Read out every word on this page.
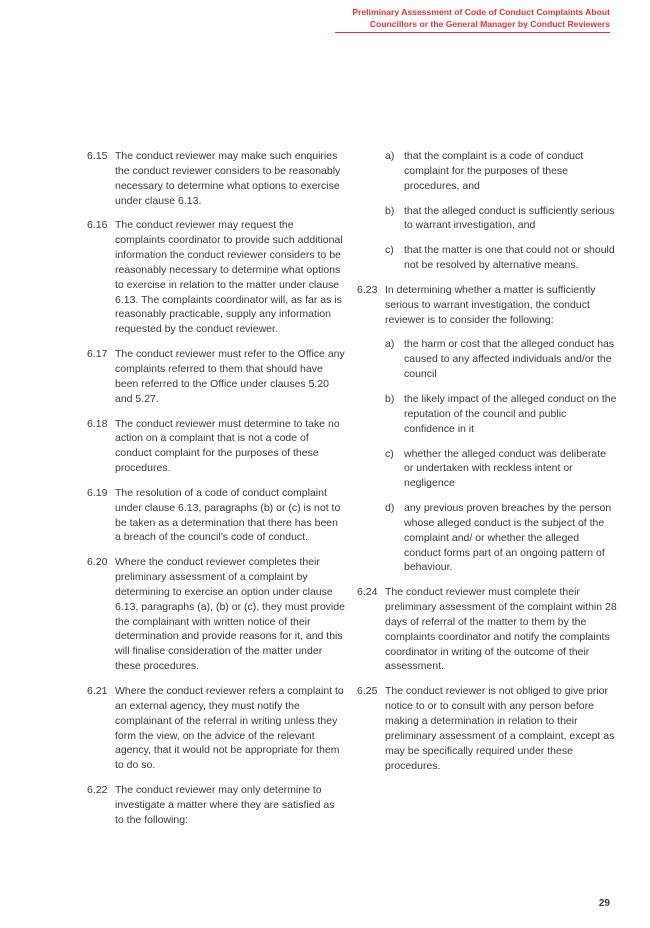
Preliminary Assessment of Code of Conduct Complaints About
Councillors or the General Manager by Conduct Reviewers
6.15 The conduct reviewer may make such enquiries the conduct reviewer considers to be reasonably necessary to determine what options to exercise under clause 6.13.
6.16 The conduct reviewer may request the complaints coordinator to provide such additional information the conduct reviewer considers to be reasonably necessary to determine what options to exercise in relation to the matter under clause 6.13. The complaints coordinator will, as far as is reasonably practicable, supply any information requested by the conduct reviewer.
6.17 The conduct reviewer must refer to the Office any complaints referred to them that should have been referred to the Office under clauses 5.20 and 5.27.
6.18 The conduct reviewer must determine to take no action on a complaint that is not a code of conduct complaint for the purposes of these procedures.
6.19 The resolution of a code of conduct complaint under clause 6.13, paragraphs (b) or (c) is not to be taken as a determination that there has been a breach of the council’s code of conduct.
6.20 Where the conduct reviewer completes their preliminary assessment of a complaint by determining to exercise an option under clause 6.13, paragraphs (a), (b) or (c), they must provide the complainant with written notice of their determination and provide reasons for it, and this will finalise consideration of the matter under these procedures.
6.21 Where the conduct reviewer refers a complaint to an external agency, they must notify the complainant of the referral in writing unless they form the view, on the advice of the relevant agency, that it would not be appropriate for them to do so.
6.22 The conduct reviewer may only determine to investigate a matter where they are satisfied as to the following:
a) that the complaint is a code of conduct complaint for the purposes of these procedures, and
b) that the alleged conduct is sufficiently serious to warrant investigation, and
c) that the matter is one that could not or should not be resolved by alternative means.
6.23 In determining whether a matter is sufficiently serious to warrant investigation, the conduct reviewer is to consider the following:
a) the harm or cost that the alleged conduct has caused to any affected individuals and/or the council
b) the likely impact of the alleged conduct on the reputation of the council and public confidence in it
c) whether the alleged conduct was deliberate or undertaken with reckless intent or negligence
d) any previous proven breaches by the person whose alleged conduct is the subject of the complaint and/ or whether the alleged conduct forms part of an ongoing pattern of behaviour.
6.24 The conduct reviewer must complete their preliminary assessment of the complaint within 28 days of referral of the matter to them by the complaints coordinator and notify the complaints coordinator in writing of the outcome of their assessment.
6.25 The conduct reviewer is not obliged to give prior notice to or to consult with any person before making a determination in relation to their preliminary assessment of a complaint, except as may be specifically required under these procedures.
29
